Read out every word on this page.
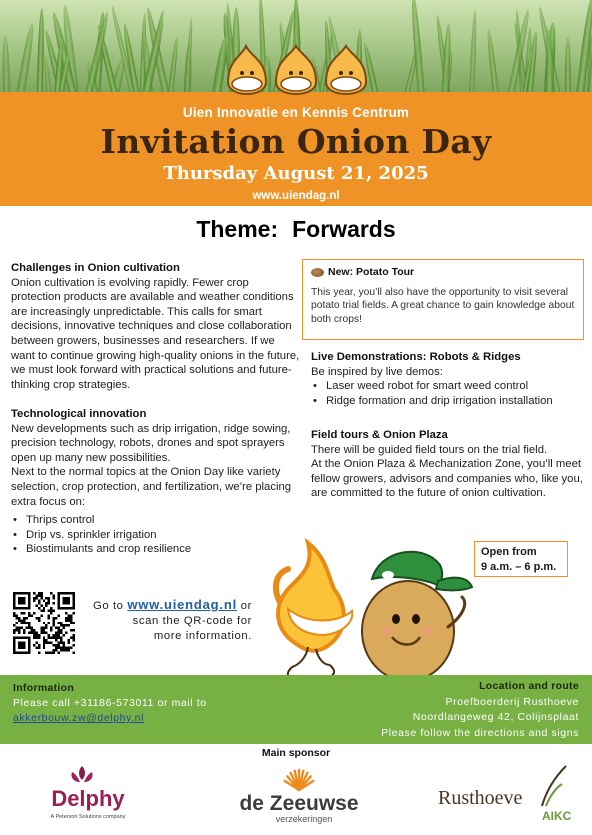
Uien Innovatie en Kennis Centrum
Invitation Onion Day
Thursday August 21, 2025
www.uiendag.nl
Theme: Forwards
Challenges in Onion cultivation

Onion cultivation is evolving rapidly. Fewer crop protection products are available and weather conditions are increasingly unpredictable. This calls for smart decisions, innovative techniques and close collaboration between growers, businesses and researchers. If we want to continue growing high-quality onions in the future, we must look forward with practical solutions and future-thinking crop strategies.

Technological innovation

New developments such as drip irrigation, ridge sowing, precision technology, robots, drones and spot sprayers open up many new possibilities.

Next to the normal topics at the Onion Day like variety selection, crop protection, and fertilization, we’re placing extra focus on:

• Thrips control
• Drip vs. sprinkler irrigation
• Biostimulants and crop resilience
New: Potato Tour

This year, you’ll also have the opportunity to visit several potato trial fields. A great chance to gain knowledge about both crops!

Live Demonstrations: Robots & Ridges

Be inspired by live demos:

• Laser weed robot for smart weed control
• Ridge formation and drip irrigation installation
Field tours & Onion Plaza

There will be guided field tours on the trial field.

At the Onion Plaza & Mechanization Zone, you’ll meet fellow growers, advisors and companies who, like you, are committed to the future of onion cultivation.

Open from
9 a.m. – 6 p.m.
Go to www.uiendag.nl or
scan the QR-code for
more information.
Information
Please call +31186-573011 or mail to
akkerbouw.zw@delphy.nl
Location and route
Proefboerderij Rusthoeve
Noordlangeweg 42, Colijnsplaat
Please follow the directions and signs
Main sponsor
Delphy
A Peterson Solutions company
de Zeeuwse
verzekeringen
Rusthoeve
AIKC
